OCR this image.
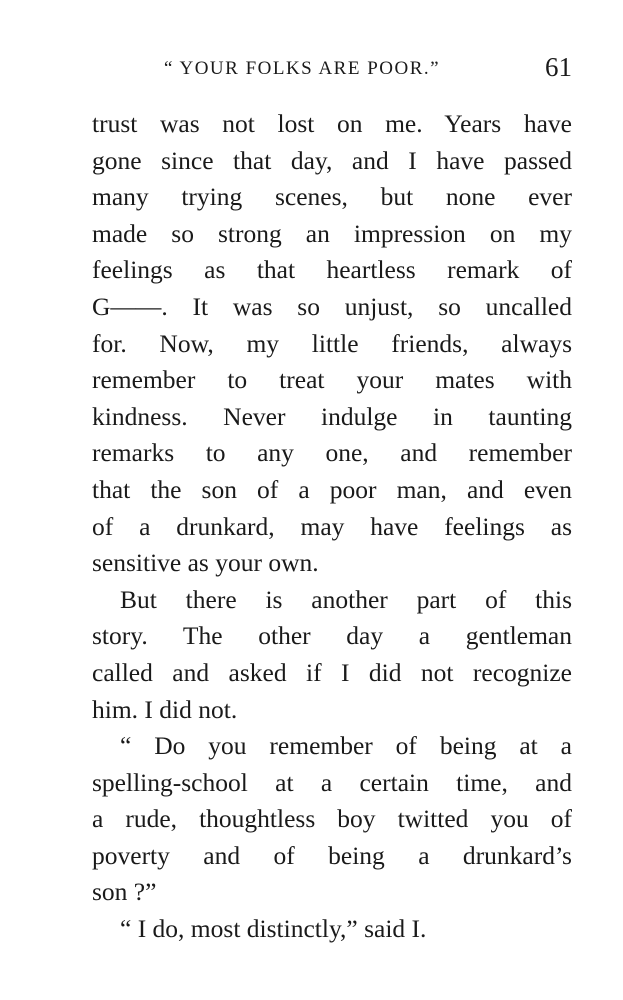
“ YOUR FOLKS ARE POOR.”	61
trust was not lost on me. Years have
gone since that day, and I have passed
many trying scenes, but none ever
made so strong an impression on my
feelings as that heartless remark of
G——. It was so unjust, so uncalled
for. Now, my little friends, always
remember to treat your mates with
kindness. Never indulge in taunting
remarks to any one, and remember
that the son of a poor man, and even
of a drunkard, may have feelings as
sensitive as your own.
But there is another part of this
story. The other day a gentleman
called and asked if I did not recognize
him. I did not.
“ Do you remember of being at a
spelling-school at a certain time, and
a rude, thoughtless boy twitted you of
poverty and of being a drunkard’s
son ?”
“ I do, most distinctly,” said I.
